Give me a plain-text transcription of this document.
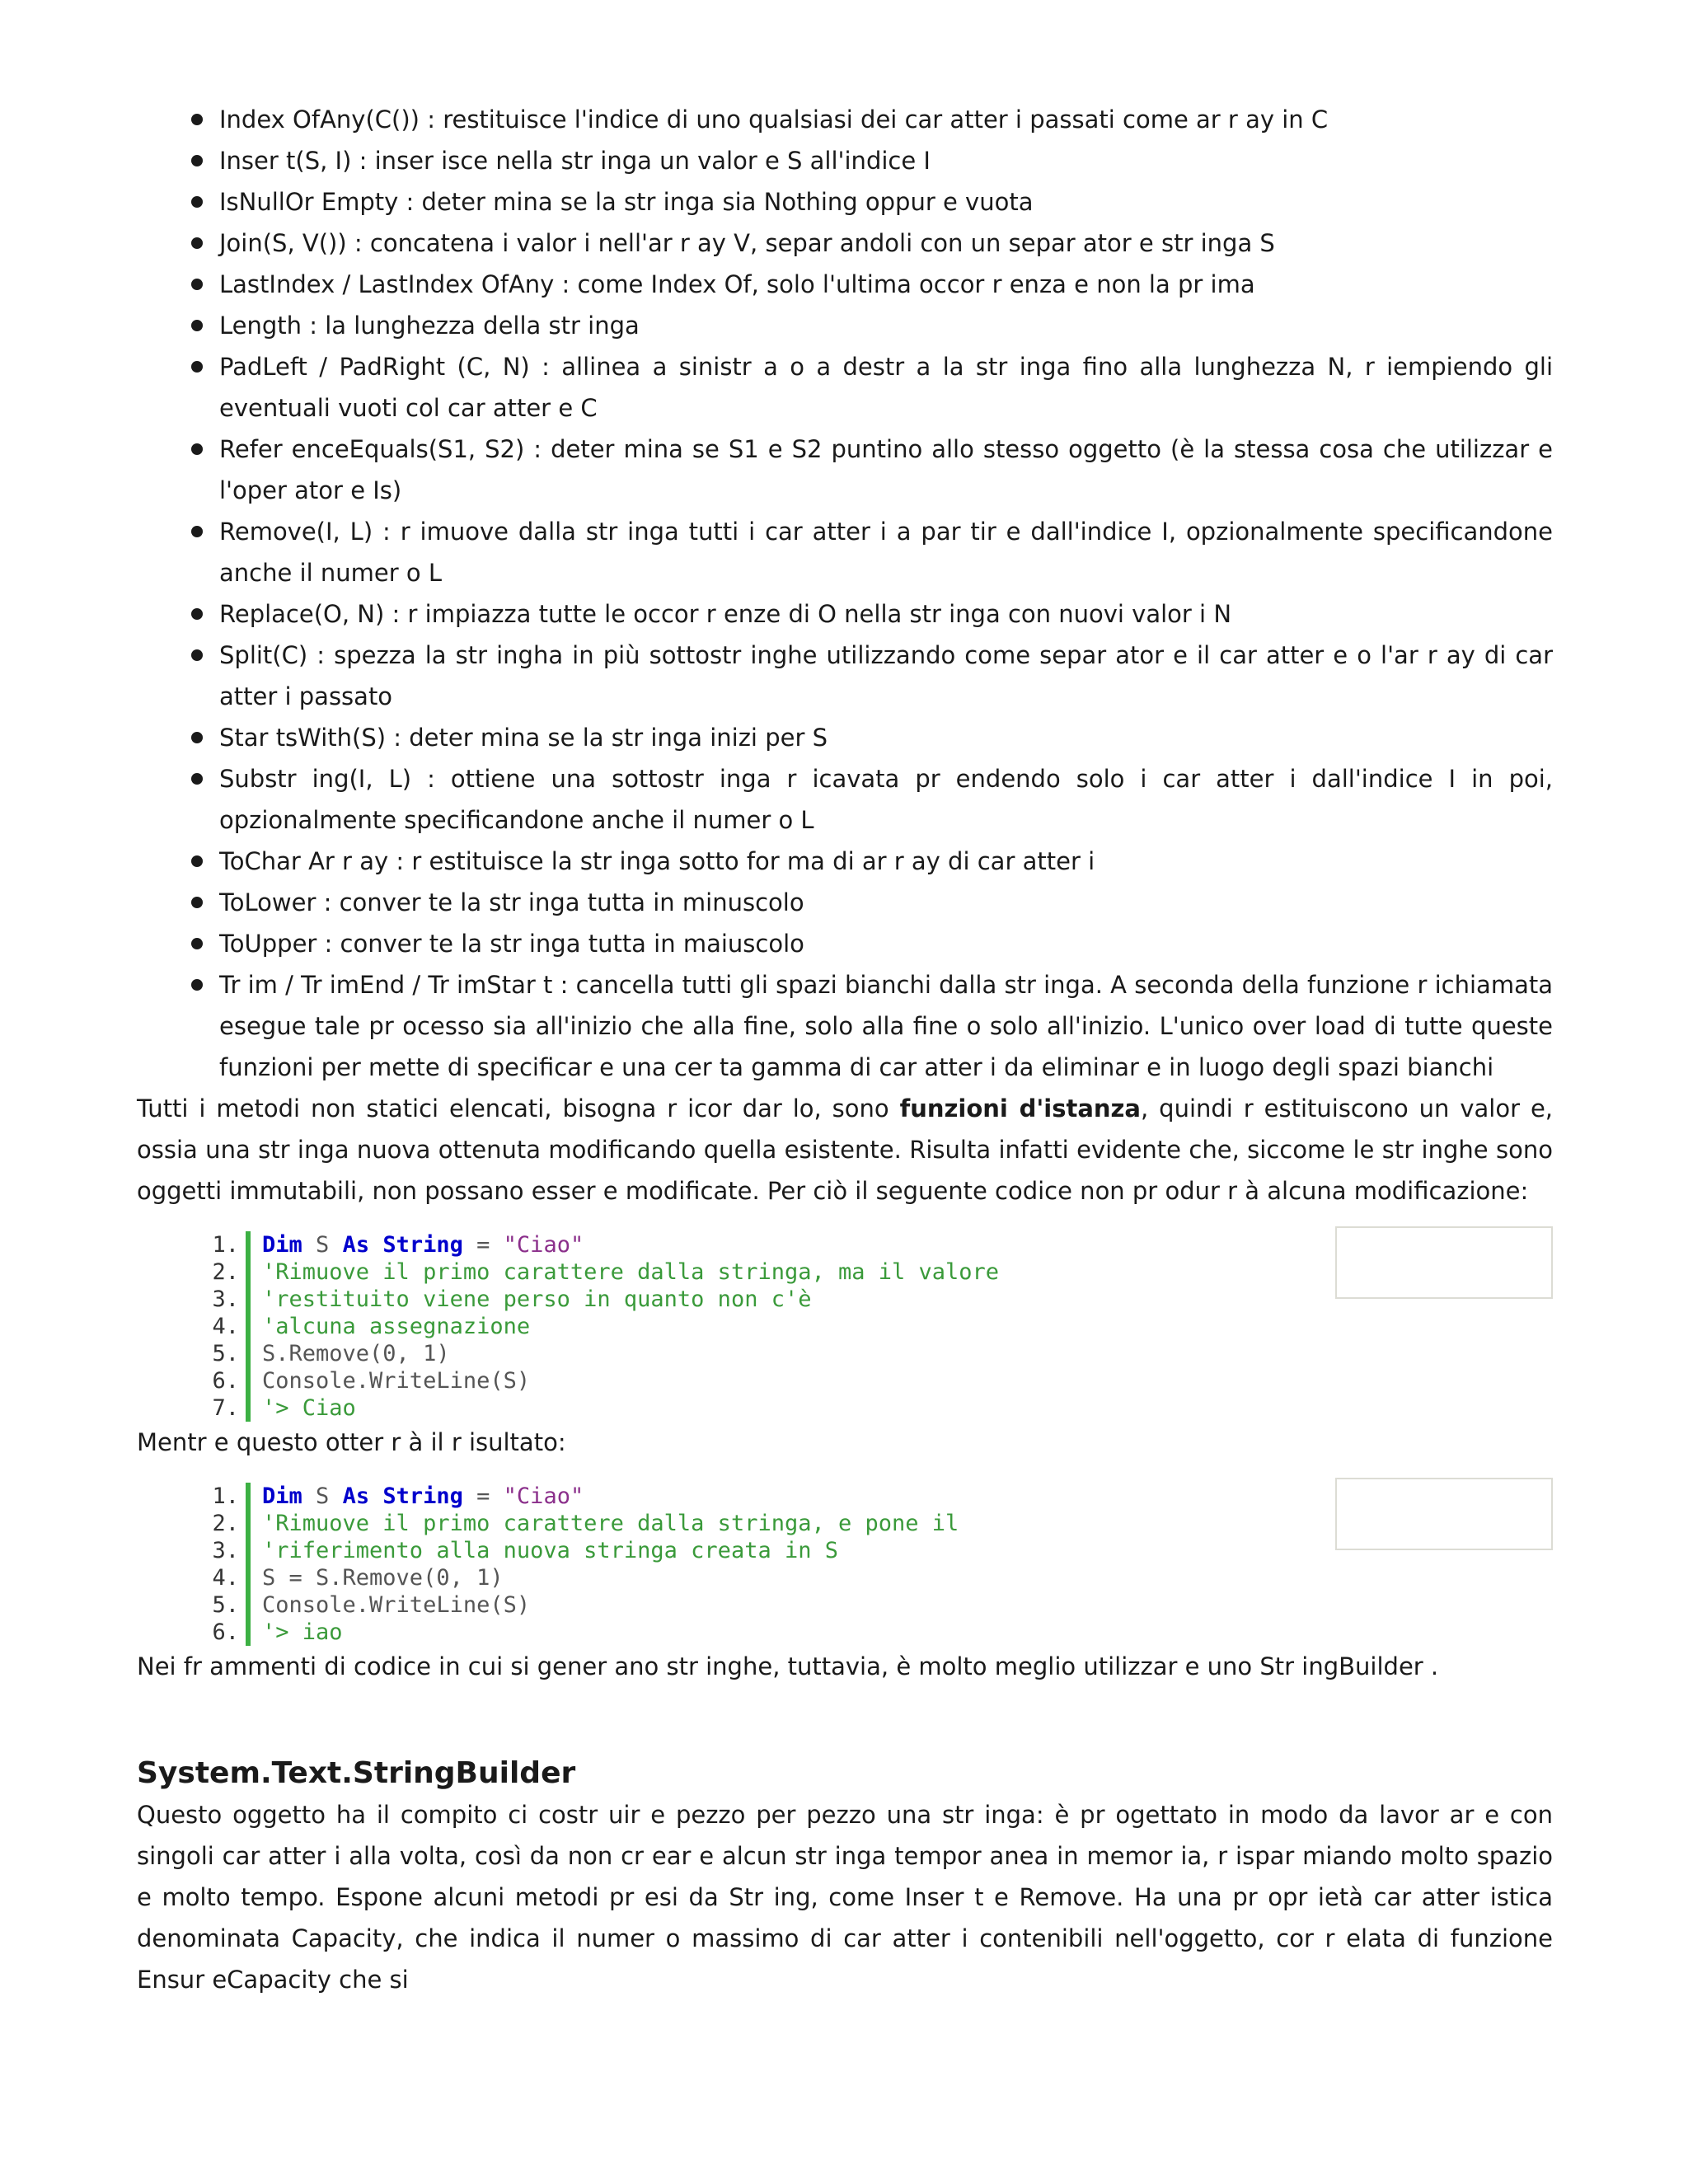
Index OfAny(C()) : restituisce l'indice di uno qualsiasi dei car atter i passati come ar r ay in C
Inser t(S, I) : inser isce nella str inga un valor e S all'indice I
IsNullOr Empty : deter mina se la str inga sia Nothing oppur e vuota
Join(S, V()) : concatena i valor i nell'ar r ay V, separ andoli con un separ ator e str inga S
LastIndex / LastIndex OfAny : come Index Of, solo l'ultima occor r enza e non la pr ima
Length : la lunghezza della str inga
PadLeft / PadRight (C, N) : allinea a sinistr a o a destr a la str inga fino alla lunghezza N, r iempiendo gli eventuali vuoti col car atter e C
Refer enceEquals(S1, S2) : deter mina se S1 e S2 puntino allo stesso oggetto (è la stessa cosa che utilizzar e l'oper ator e Is)
Remove(I, L) : r imuove dalla str inga tutti i car atter i a par tir e dall'indice I, opzionalmente specificandone anche il numer o L
Replace(O, N) : r impiazza tutte le occor r enze di O nella str inga con nuovi valor i N
Split(C) : spezza la str ingha in più sottostr inghe utilizzando come separ ator e il car atter e o l'ar r ay di car atter i passato
Star tsWith(S) : deter mina se la str inga inizi per S
Substr ing(I, L) : ottiene una sottostr inga r icavata pr endendo solo i car atter i dall'indice I in poi, opzionalmente specificandone anche il numer o L
ToChar Ar r ay : r estituisce la str inga sotto for ma di ar r ay di car atter i
ToLower : conver te la str inga tutta in minuscolo
ToUpper : conver te la str inga tutta in maiuscolo
Tr im / Tr imEnd / Tr imStar t : cancella tutti gli spazi bianchi dalla str inga. A seconda della funzione r ichiamata esegue tale pr ocesso sia all'inizio che alla fine, solo alla fine o solo all'inizio. L'unico over load di tutte queste funzioni per mette di specificar e una cer ta gamma di car atter i da eliminar e in luogo degli spazi bianchi

Tutti i metodi non statici elencati, bisogna r icor dar lo, sono funzioni d'istanza, quindi r estituiscono un valor e, ossia una str inga nuova ottenuta modificando quella esistente. Risulta infatti evidente che, siccome le str inghe sono oggetti immutabili, non possano esser e modificate. Per ciò il seguente codice non pr odur r à alcuna modificazione:

1. Dim S As String = "Ciao"
2. 'Rimuove il primo carattere dalla stringa, ma il valore
3. 'restituito viene perso in quanto non c'è
4. 'alcuna assegnazione
5. S.Remove(0, 1)
6. Console.WriteLine(S)
7. '> Ciao

Mentr e questo otter r à il r isultato:

1. Dim S As String = "Ciao"
2. 'Rimuove il primo carattere dalla stringa, e pone il
3. 'riferimento alla nuova stringa creata in S
4. S = S.Remove(0, 1)
5. Console.WriteLine(S)
6. '> iao

Nei fr ammenti di codice in cui si gener ano str inghe, tuttavia, è molto meglio utilizzar e uno Str ingBuilder .

System.Text.StringBuilder

Questo oggetto ha il compito ci costr uir e pezzo per pezzo una str inga: è pr ogettato in modo da lavor ar e con singoli car atter i alla volta, così da non cr ear e alcun str inga tempor anea in memor ia, r ispar miando molto spazio e molto tempo. Espone alcuni metodi pr esi da Str ing, come Inser t e Remove. Ha una pr opr ietà car atter istica denominata Capacity, che indica il numer o massimo di car atter i contenibili nell'oggetto, cor r elata di funzione Ensur eCapacity che si
